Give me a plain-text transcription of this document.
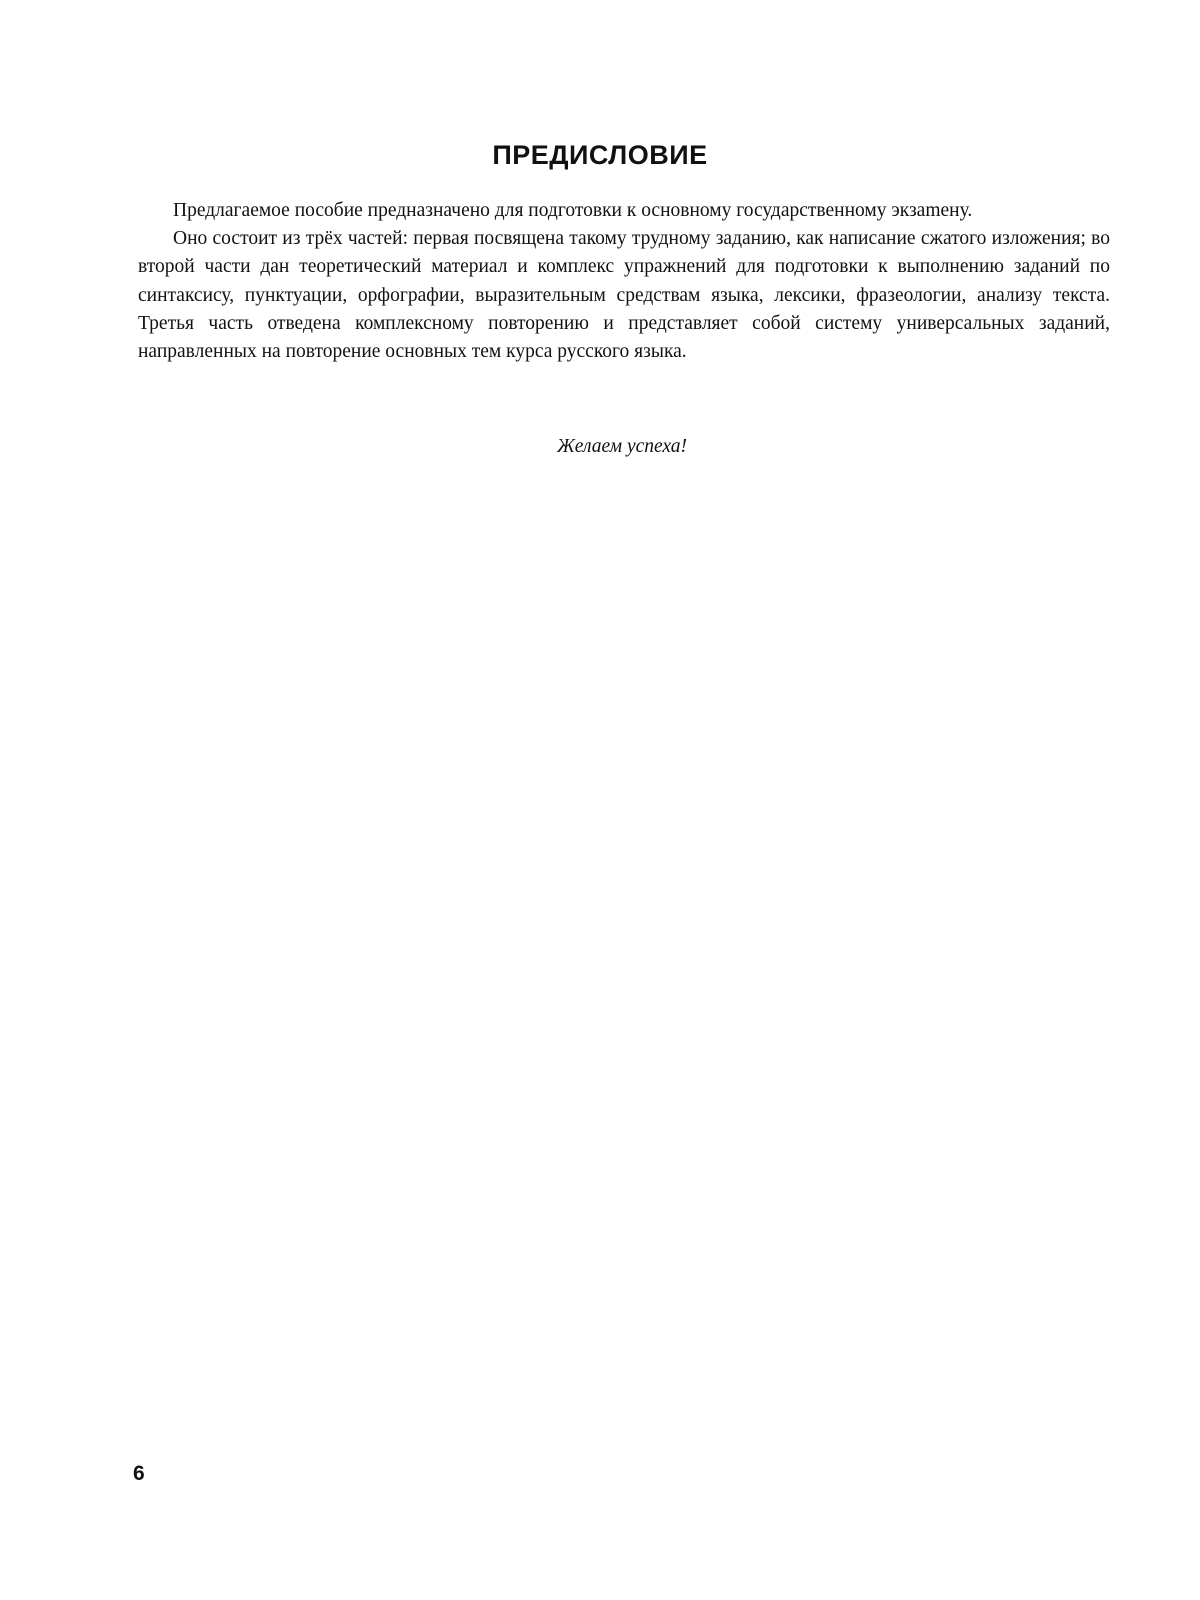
ПРЕДИСЛОВИЕ

Предлагаемое пособие предназначено для подготовки к основному государственному экзаmену.

Оно состоит из трёх частей: первая посвящена такому трудному заданию, как написание сжатого изложения; во второй части дан теоретический материал и комплекс упражнений для подготовки к выполнению заданий по синтаксису, пунктуации, орфографии, выразительным средствам языка, лексики, фразеологии, анализу текста. Третья часть отведена комплексному повторению и представляет собой систему универсальных заданий, направленных на повторение основных тем курса русского языка.

Желаем успеха!

6
